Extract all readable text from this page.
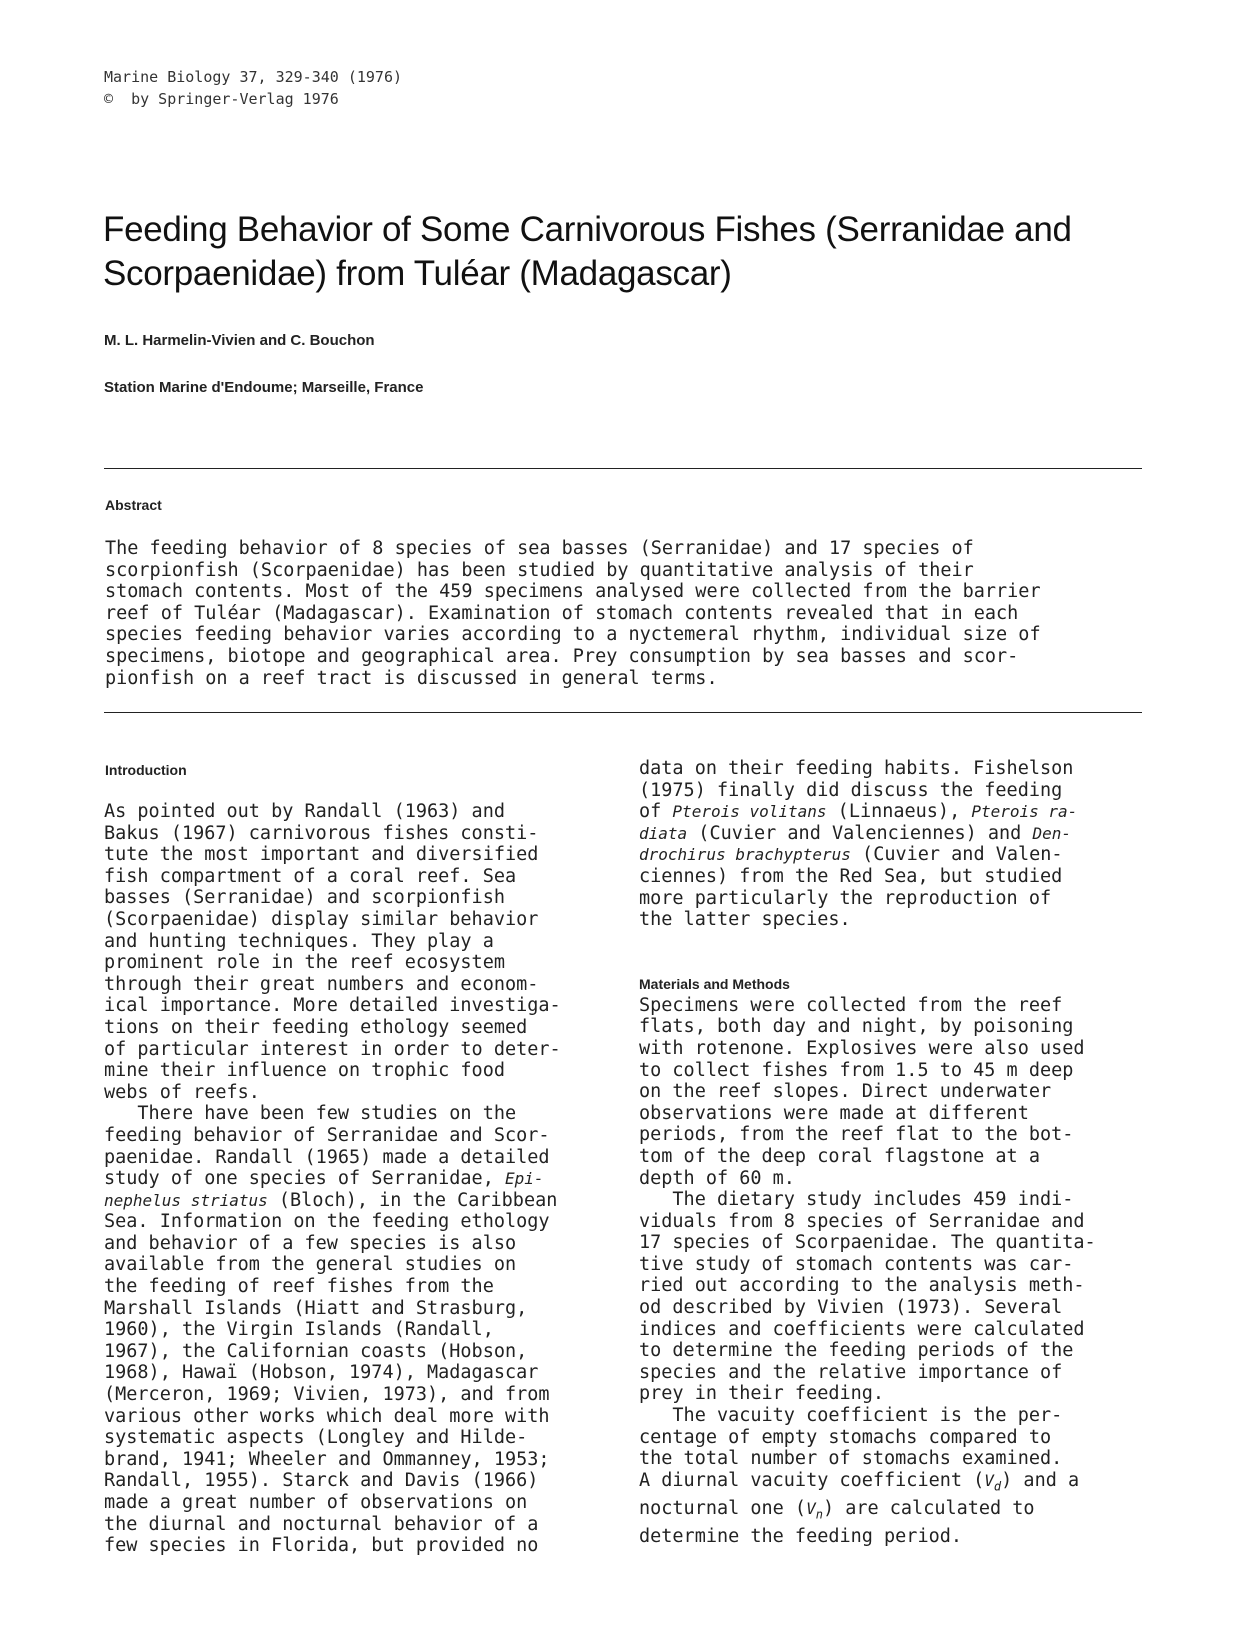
Marine Biology 37, 329-340 (1976)
©  by Springer-Verlag 1976
Feeding Behavior of Some Carnivorous Fishes (Serranidae and
Scorpaenidae) from Tuléar (Madagascar)
M. L. Harmelin-Vivien and C. Bouchon
Station Marine d'Endoume; Marseille, France
Abstract
The feeding behavior of 8 species of sea basses (Serranidae) and 17 species of
scorpionfish (Scorpaenidae) has been studied by quantitative analysis of their
stomach contents. Most of the 459 specimens analysed were collected from the barrier
reef of Tuléar (Madagascar). Examination of stomach contents revealed that in each
species feeding behavior varies according to a nyctemeral rhythm, individual size of
specimens, biotope and geographical area. Prey consumption by sea basses and scor-
pionfish on a reef tract is discussed in general terms.
Introduction
As pointed out by Randall (1963) and
Bakus (1967) carnivorous fishes consti-
tute the most important and diversified
fish compartment of a coral reef. Sea
basses (Serranidae) and scorpionfish
(Scorpaenidae) display similar behavior
and hunting techniques. They play a
prominent role in the reef ecosystem
through their great numbers and econom-
ical importance. More detailed investiga-
tions on their feeding ethology seemed
of particular interest in order to deter-
mine their influence on trophic food
webs of reefs.
There have been few studies on the
feeding behavior of Serranidae and Scor-
paenidae. Randall (1965) made a detailed
study of one species of Serranidae, Epi-
nephelus striatus (Bloch), in the Caribbean
Sea. Information on the feeding ethology
and behavior of a few species is also
available from the general studies on
the feeding of reef fishes from the
Marshall Islands (Hiatt and Strasburg,
1960), the Virgin Islands (Randall,
1967), the Californian coasts (Hobson,
1968), Hawaï (Hobson, 1974), Madagascar
(Merceron, 1969; Vivien, 1973), and from
various other works which deal more with
systematic aspects (Longley and Hilde-
brand, 1941; Wheeler and Ommanney, 1953;
Randall, 1955). Starck and Davis (1966)
made a great number of observations on
the diurnal and nocturnal behavior of a
few species in Florida, but provided no
data on their feeding habits. Fishelson
(1975) finally did discuss the feeding
of Pterois volitans (Linnaeus), Pterois ra-
diata (Cuvier and Valenciennes) and Den-
drochirus brachypterus (Cuvier and Valen-
ciennes) from the Red Sea, but studied
more particularly the reproduction of
the latter species.
Specimens were collected from the reef
flats, both day and night, by poisoning
with rotenone. Explosives were also used
to collect fishes from 1.5 to 45 m deep
on the reef slopes. Direct underwater
observations were made at different
periods, from the reef flat to the bot-
tom of the deep coral flagstone at a
depth of 60 m.
The dietary study includes 459 indi-
viduals from 8 species of Serranidae and
17 species of Scorpaenidae. The quantita-
tive study of stomach contents was car-
ried out according to the analysis meth-
od described by Vivien (1973). Several
indices and coefficients were calculated
to determine the feeding periods of the
species and the relative importance of
prey in their feeding.
The vacuity coefficient is the per-
centage of empty stomachs compared to
the total number of stomachs examined.
A diurnal vacuity coefficient $(V_d)$ and a
nocturnal one $(V_n)$ are calculated to
determine the feeding period.
Materials and Methods
